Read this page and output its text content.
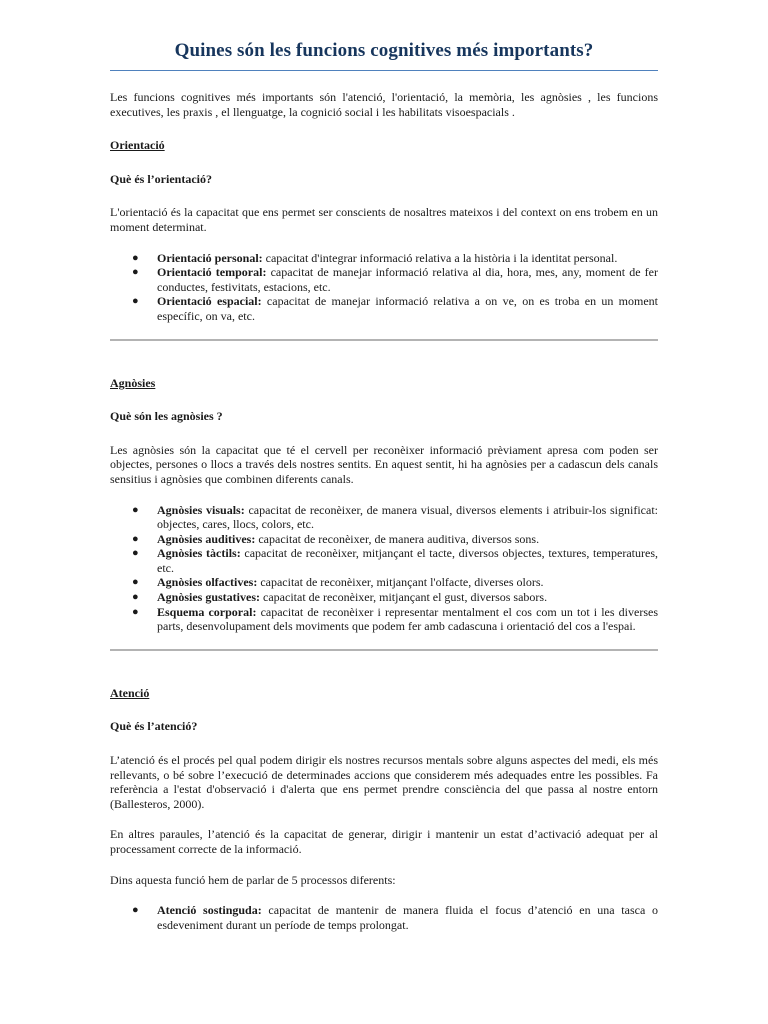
Quines són les funcions cognitives més importants?

Les funcions cognitives més importants són l'atenció, l'orientació, la memòria, les agnòsies , les funcions executives, les praxis , el llenguatge, la cognició social i les habilitats visoespacials .

Orientació

Què és l’orientació?

L'orientació és la capacitat que ens permet ser conscients de nosaltres mateixos i del context on ens trobem en un moment determinat.

● Orientació personal: capacitat d'integrar informació relativa a la història i la identitat personal.
● Orientació temporal: capacitat de manejar informació relativa al dia, hora, mes, any, moment de fer conductes, festivitats, estacions, etc.
● Orientació espacial: capacitat de manejar informació relativa a on ve, on es troba en un moment específic, on va, etc.

Agnòsies

Què són les agnòsies ?

Les agnòsies són la capacitat que té el cervell per reconèixer informació prèviament apresa com poden ser objectes, persones o llocs a través dels nostres sentits. En aquest sentit, hi ha agnòsies per a cadascun dels canals sensitius i agnòsies que combinen diferents canals.

● Agnòsies visuals: capacitat de reconèixer, de manera visual, diversos elements i atribuir-los significat: objectes, cares, llocs, colors, etc.
● Agnòsies auditives: capacitat de reconèixer, de manera auditiva, diversos sons.
● Agnòsies tàctils: capacitat de reconèixer, mitjançant el tacte, diversos objectes, textures, temperatures, etc.
● Agnòsies olfactives: capacitat de reconèixer, mitjançant l'olfacte, diverses olors.
● Agnòsies gustatives: capacitat de reconèixer, mitjançant el gust, diversos sabors.
● Esquema corporal: capacitat de reconèixer i representar mentalment el cos com un tot i les diverses parts, desenvolupament dels moviments que podem fer amb cadascuna i orientació del cos a l'espai.

Atenció

Què és l’atenció?

L’atenció és el procés pel qual podem dirigir els nostres recursos mentals sobre alguns aspectes del medi, els més rellevants, o bé sobre l’execució de determinades accions que considerem més adequades entre les possibles. Fa referència a l'estat d'observació i d'alerta que ens permet prendre consciència del que passa al nostre entorn (Ballesteros, 2000).

En altres paraules, l’atenció és la capacitat de generar, dirigir i mantenir un estat d’activació adequat per al processament correcte de la informació.

Dins aquesta funció hem de parlar de 5 processos diferents:

● Atenció sostinguda: capacitat de mantenir de manera fluida el focus d’atenció en una tasca o esdeveniment durant un període de temps prolongat.
